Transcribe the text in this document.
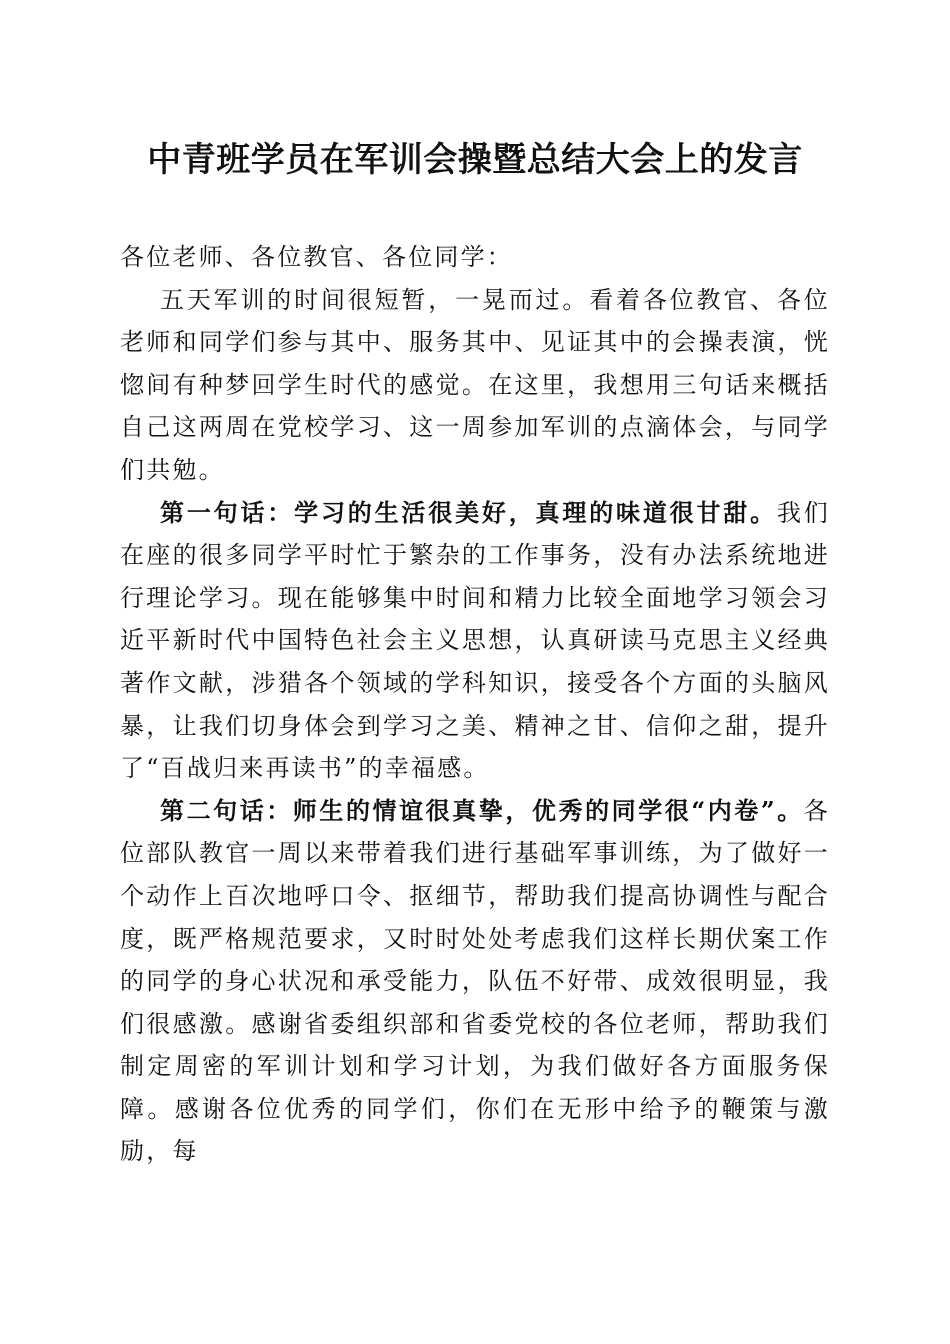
中青班学员在军训会操暨总结大会上的发言

各位老师、各位教官、各位同学：

五天军训的时间很短暂，一晃而过。看着各位教官、各位老师和同学们参与其中、服务其中、见证其中的会操表演，恍惚间有种梦回学生时代的感觉。在这里，我想用三句话来概括自己这两周在党校学习、这一周参加军训的点滴体会，与同学们共勉。

第一句话：学习的生活很美好，真理的味道很甘甜。我们在座的很多同学平时忙于繁杂的工作事务，没有办法系统地进行理论学习。现在能够集中时间和精力比较全面地学习领会习近平新时代中国特色社会主义思想，认真研读马克思主义经典著作文献，涉猎各个领域的学科知识，接受各个方面的头脑风暴，让我们切身体会到学习之美、精神之甘、信仰之甜，提升了“百战归来再读书”的幸福感。

第二句话：师生的情谊很真挚，优秀的同学很“内卷”。各位部队教官一周以来带着我们进行基础军事训练，为了做好一个动作上百次地呼口令、抠细节，帮助我们提高协调性与配合度，既严格规范要求，又时时处处考虑我们这样长期伏案工作的同学的身心状况和承受能力，队伍不好带、成效很明显，我们很感激。感谢省委组织部和省委党校的各位老师，帮助我们制定周密的军训计划和学习计划，为我们做好各方面服务保障。感谢各位优秀的同学们，你们在无形中给予的鞭策与激励，每
